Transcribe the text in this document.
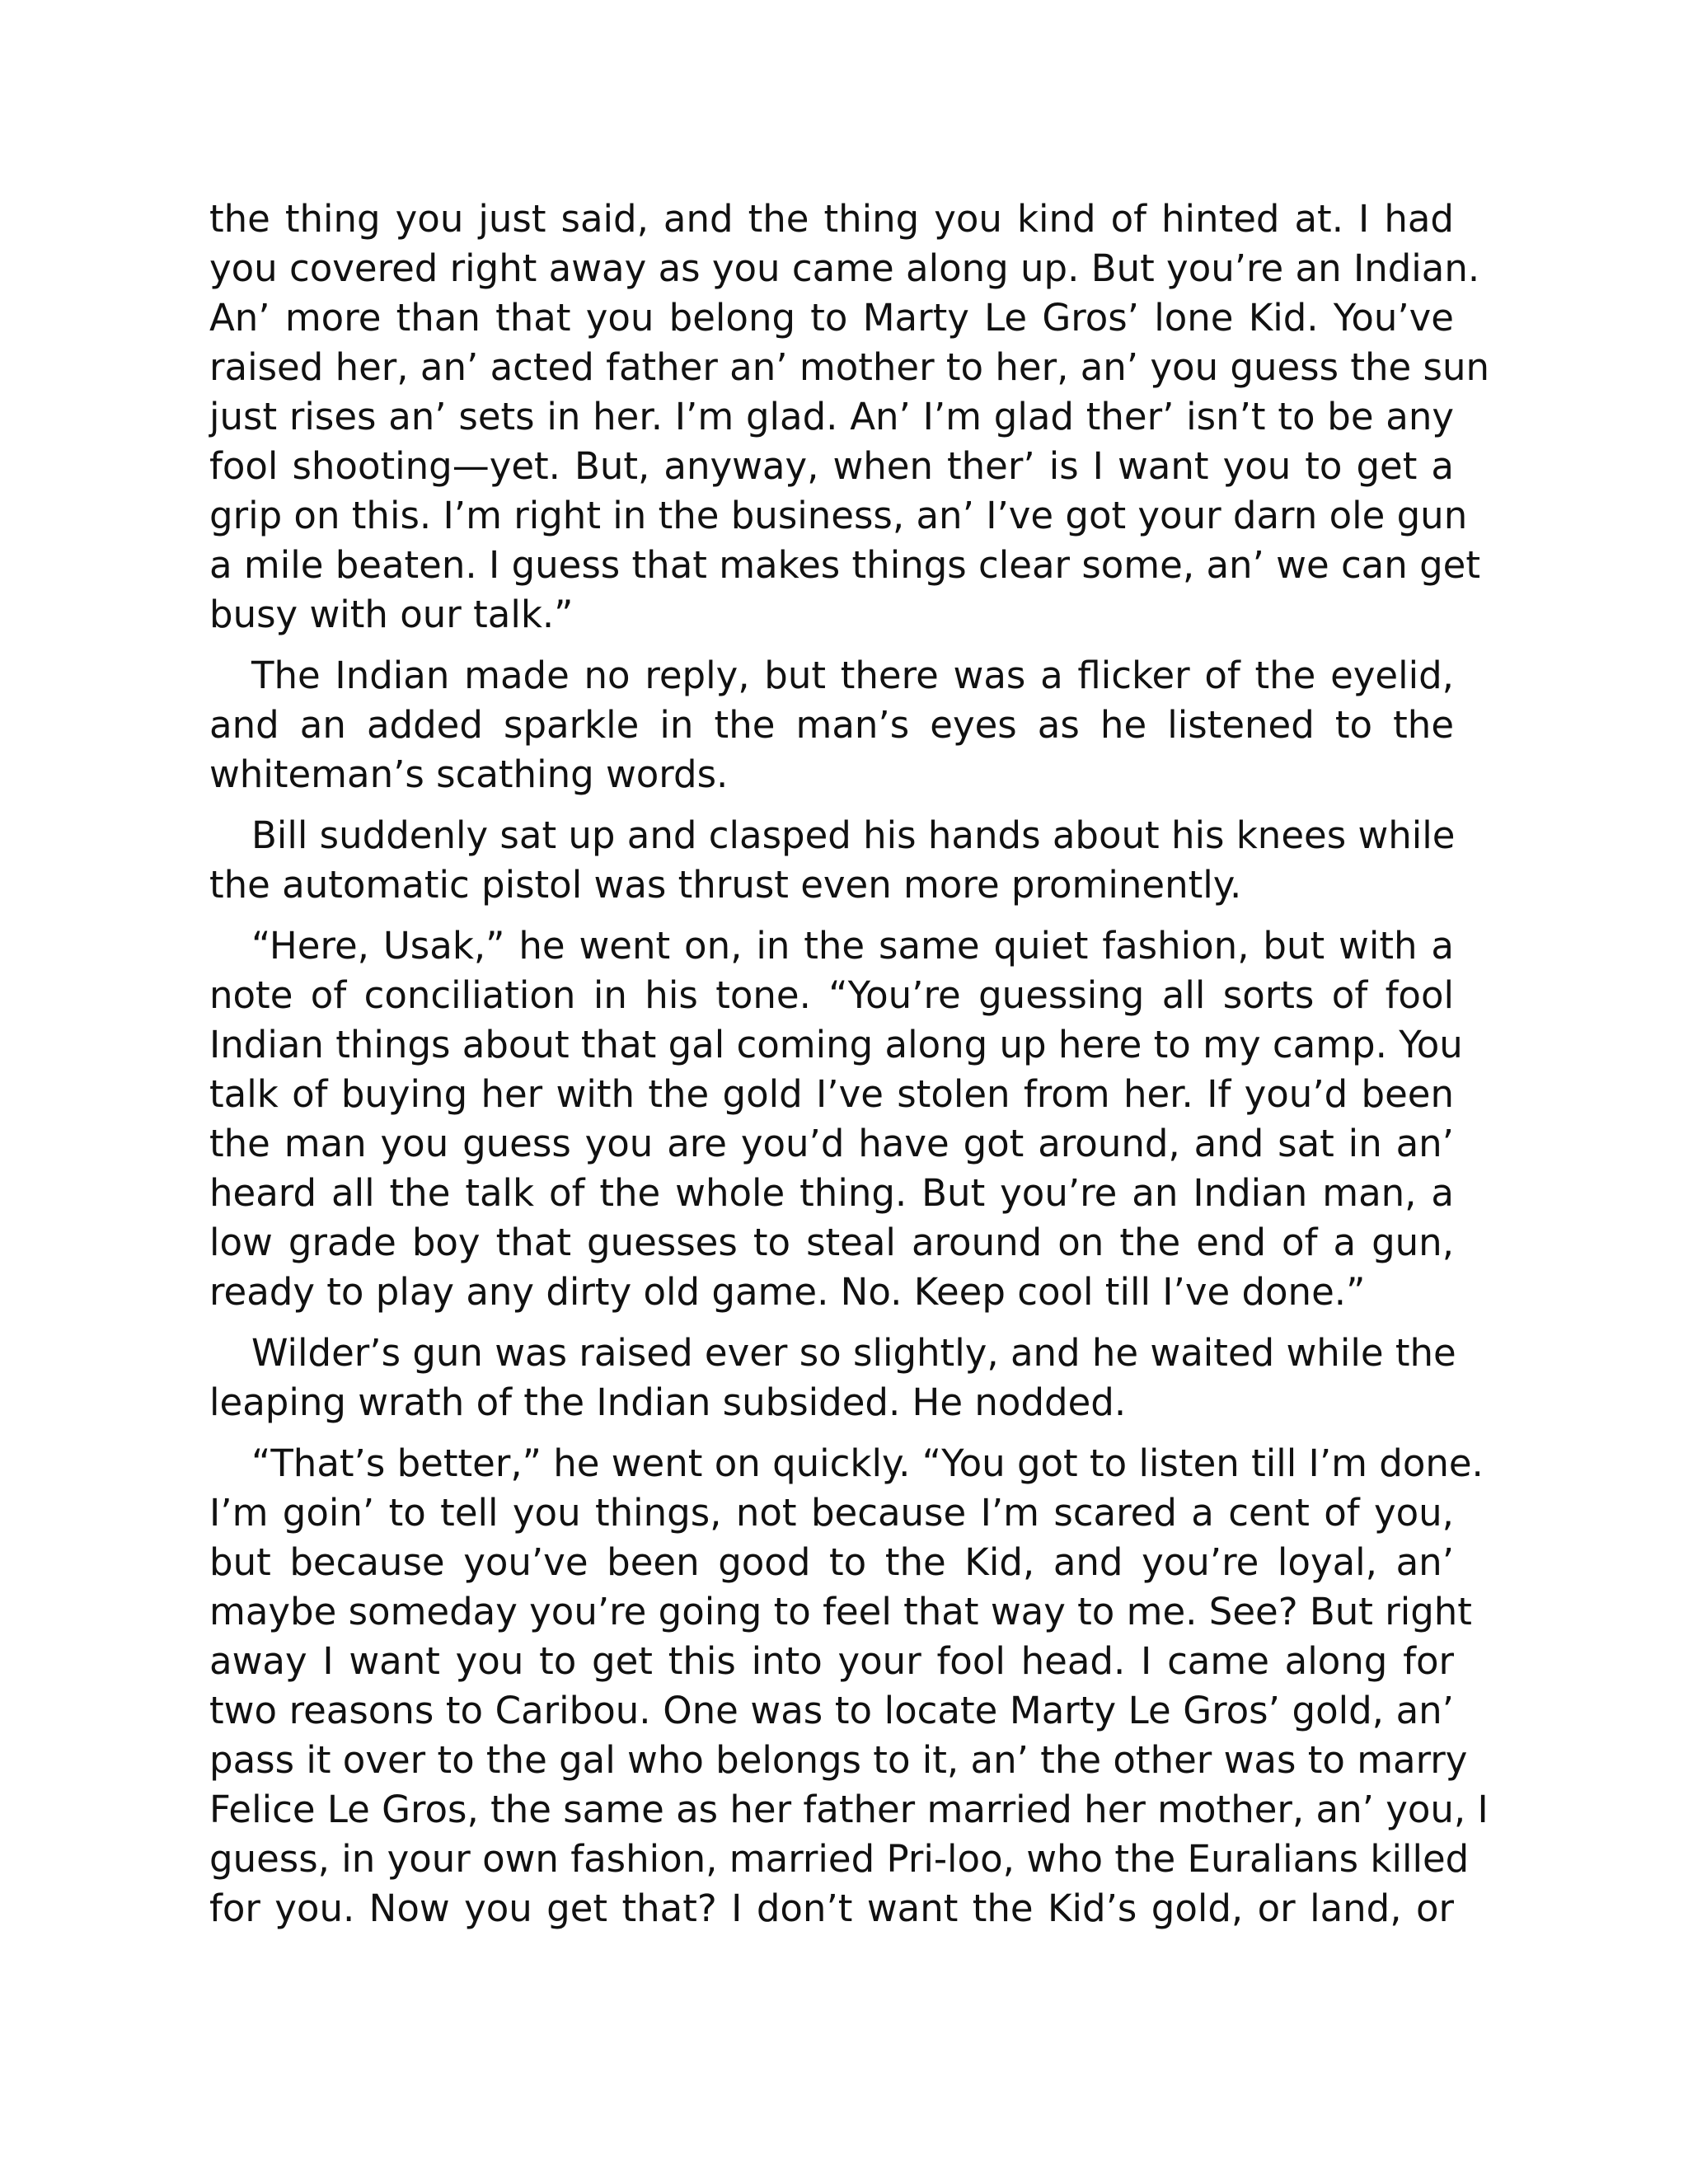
the thing you just said, and the thing you kind of hinted at. I had
you covered right away as you came along up. But you’re an Indian.
An’ more than that you belong to Marty Le Gros’ lone Kid. You’ve
raised her, an’ acted father an’ mother to her, an’ you guess the sun
just rises an’ sets in her. I’m glad. An’ I’m glad ther’ isn’t to be any
fool shooting—yet. But, anyway, when ther’ is I want you to get a
grip on this. I’m right in the business, an’ I’ve got your darn ole gun
a mile beaten. I guess that makes things clear some, an’ we can get
busy with our talk.”
The Indian made no reply, but there was a flicker of the eyelid,
and an added sparkle in the man’s eyes as he listened to the
whiteman’s scathing words.
Bill suddenly sat up and clasped his hands about his knees while
the automatic pistol was thrust even more prominently.
“Here, Usak,” he went on, in the same quiet fashion, but with a
note of conciliation in his tone. “You’re guessing all sorts of fool
Indian things about that gal coming along up here to my camp. You
talk of buying her with the gold I’ve stolen from her. If you’d been
the man you guess you are you’d have got around, and sat in an’
heard all the talk of the whole thing. But you’re an Indian man, a
low grade boy that guesses to steal around on the end of a gun,
ready to play any dirty old game. No. Keep cool till I’ve done.”
Wilder’s gun was raised ever so slightly, and he waited while the
leaping wrath of the Indian subsided. He nodded.
“That’s better,” he went on quickly. “You got to listen till I’m done.
I’m goin’ to tell you things, not because I’m scared a cent of you,
but because you’ve been good to the Kid, and you’re loyal, an’
maybe someday you’re going to feel that way to me. See? But right
away I want you to get this into your fool head. I came along for
two reasons to Caribou. One was to locate Marty Le Gros’ gold, an’
pass it over to the gal who belongs to it, an’ the other was to marry
Felice Le Gros, the same as her father married her mother, an’ you, I
guess, in your own fashion, married Pri-loo, who the Euralians killed
for you. Now you get that? I don’t want the Kid’s gold, or land, or
